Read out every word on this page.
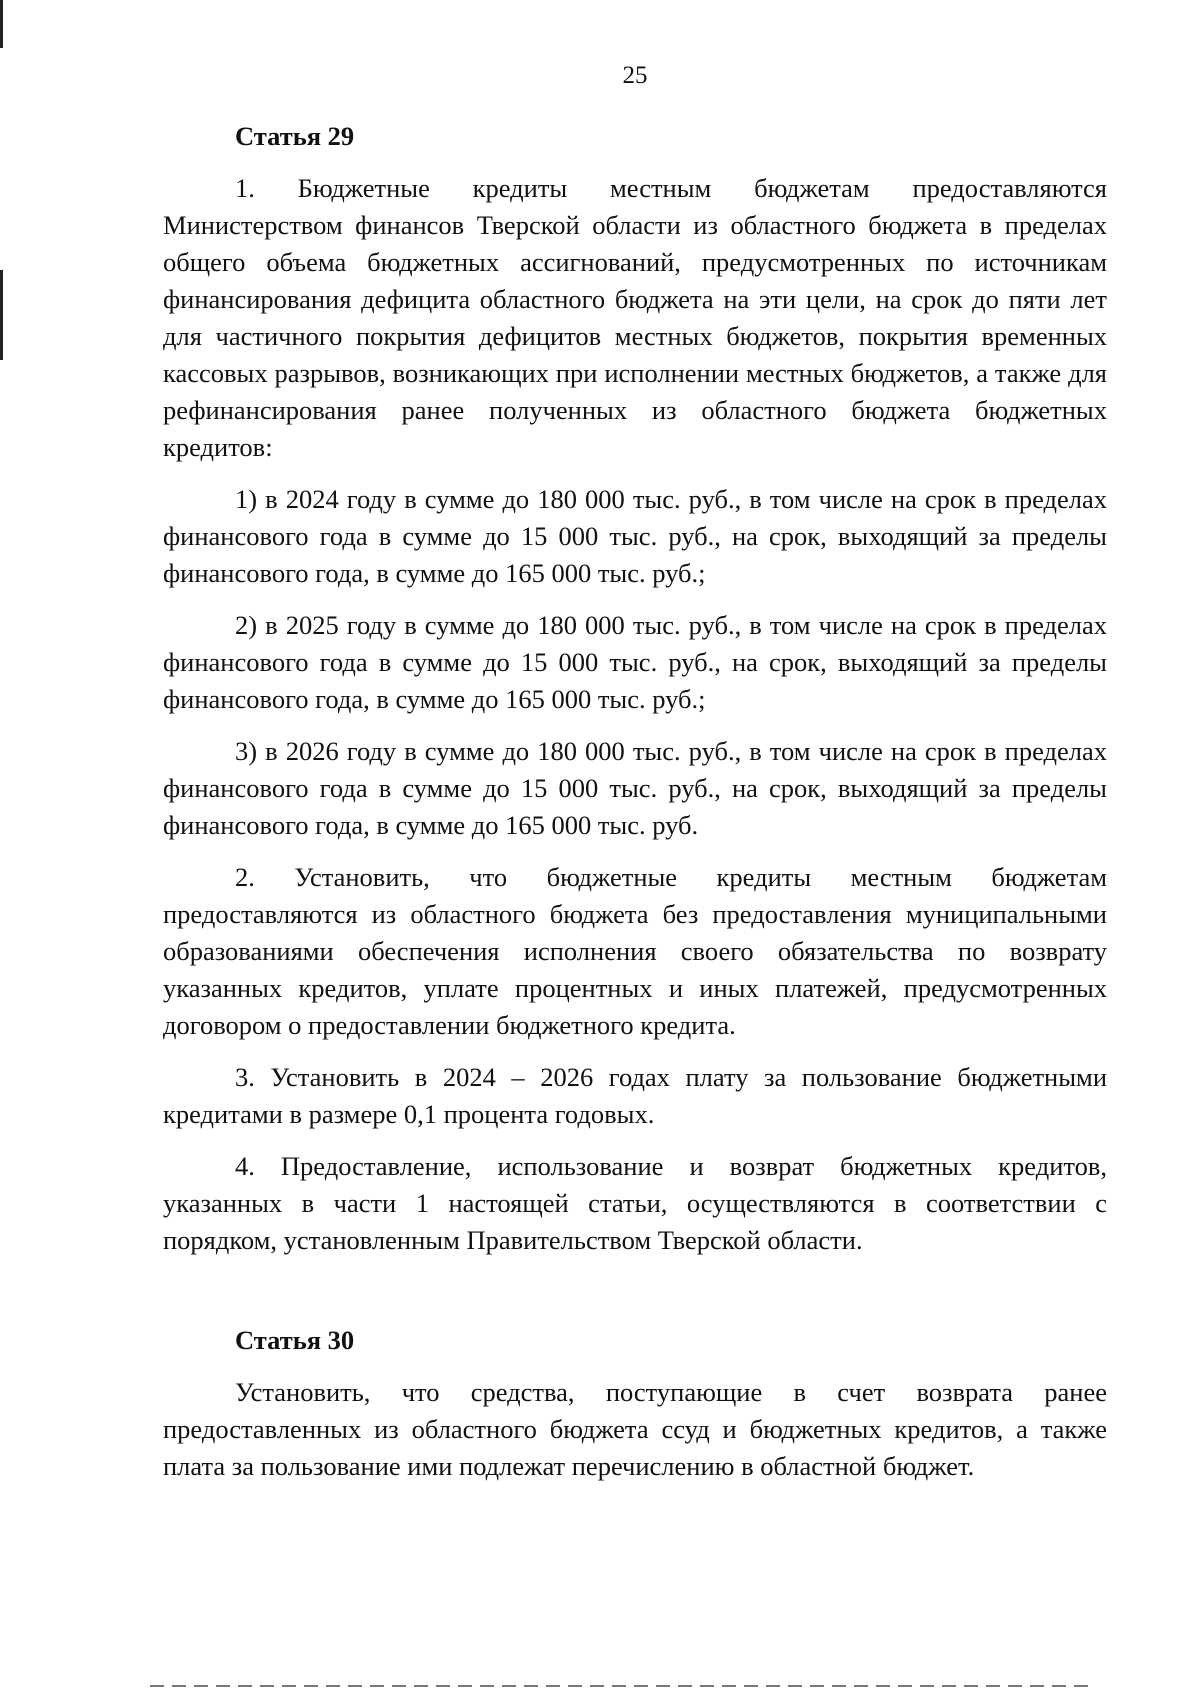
25
Статья 29

1. Бюджетные кредиты местным бюджетам предоставляются Министерством финансов Тверской области из областного бюджета в пределах общего объема бюджетных ассигнований, предусмотренных по источникам финансирования дефицита областного бюджета на эти цели, на срок до пяти лет для частичного покрытия дефицитов местных бюджетов, покрытия временных кассовых разрывов, возникающих при исполнении местных бюджетов, а также для рефинансирования ранее полученных из областного бюджета бюджетных кредитов:

1) в 2024 году в сумме до 180 000 тыс. руб., в том числе на срок в пределах финансового года в сумме до 15 000 тыс. руб., на срок, выходящий за пределы финансового года, в сумме до 165 000 тыс. руб.;

2) в 2025 году в сумме до 180 000 тыс. руб., в том числе на срок в пределах финансового года в сумме до 15 000 тыс. руб., на срок, выходящий за пределы финансового года, в сумме до 165 000 тыс. руб.;

3) в 2026 году в сумме до 180 000 тыс. руб., в том числе на срок в пределах финансового года в сумме до 15 000 тыс. руб., на срок, выходящий за пределы финансового года, в сумме до 165 000 тыс. руб.

2. Установить, что бюджетные кредиты местным бюджетам предоставляются из областного бюджета без предоставления муниципальными образованиями обеспечения исполнения своего обязательства по возврату указанных кредитов, уплате процентных и иных платежей, предусмотренных договором о предоставлении бюджетного кредита.

3. Установить в 2024 – 2026 годах плату за пользование бюджетными кредитами в размере 0,1 процента годовых.

4. Предоставление, использование и возврат бюджетных кредитов, указанных в части 1 настоящей статьи, осуществляются в соответствии с порядком, установленным Правительством Тверской области.

Статья 30

Установить, что средства, поступающие в счет возврата ранее предоставленных из областного бюджета ссуд и бюджетных кредитов, а также плата за пользование ими подлежат перечислению в областной бюджет.
